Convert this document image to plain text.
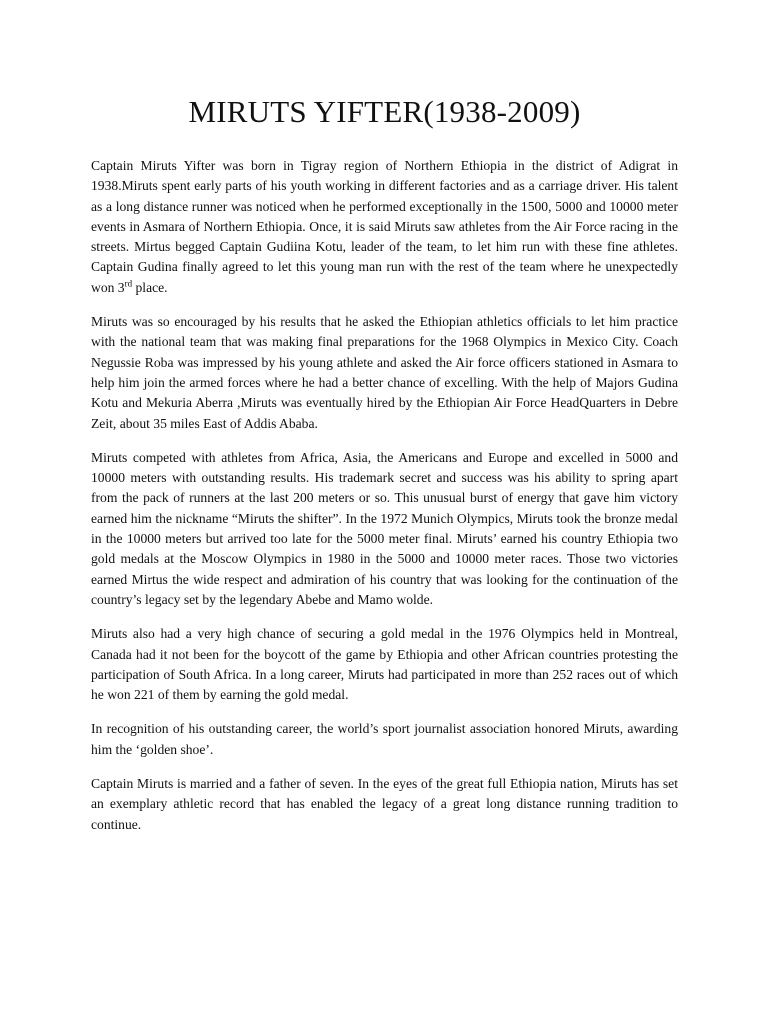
MIRUTS YIFTER(1938-2009)

Captain Miruts Yifter was born in Tigray region of Northern Ethiopia in the district of Adigrat in 1938.Miruts spent early parts of his youth working in different factories and as a carriage driver. His talent as a long distance runner was noticed when he performed exceptionally in the 1500, 5000 and 10000 meter events in Asmara of Northern Ethiopia. Once, it is said Miruts saw athletes from the Air Force racing in the streets. Mirtus begged Captain Gudiina Kotu, leader of the team, to let him run with these fine athletes. Captain Gudina finally agreed to let this young man run with the rest of the team where he unexpectedly won 3rd place.

Miruts was so encouraged by his results that he asked the Ethiopian athletics officials to let him practice with the national team that was making final preparations for the 1968 Olympics in Mexico City. Coach Negussie Roba was impressed by his young athlete and asked the Air force officers stationed in Asmara to help him join the armed forces where he had a better chance of excelling. With the help of Majors Gudina Kotu and Mekuria Aberra ,Miruts was eventually hired by the Ethiopian Air Force HeadQuarters in Debre Zeit, about 35 miles East of Addis Ababa.

Miruts competed with athletes from Africa, Asia, the Americans and Europe and excelled in 5000 and 10000 meters with outstanding results. His trademark secret and success was his ability to spring apart from the pack of runners at the last 200 meters or so. This unusual burst of energy that gave him victory earned him the nickname “Miruts the shifter”. In the 1972 Munich Olympics, Miruts took the bronze medal in the 10000 meters but arrived too late for the 5000 meter final. Miruts’ earned his country Ethiopia two gold medals at the Moscow Olympics in 1980 in the 5000 and 10000 meter races. Those two victories earned Mirtus the wide respect and admiration of his country that was looking for the continuation of the country’s legacy set by the legendary Abebe and Mamo wolde.

Miruts also had a very high chance of securing a gold medal in the 1976 Olympics held in Montreal, Canada had it not been for the boycott of the game by Ethiopia and other African countries protesting the participation of South Africa. In a long career, Miruts had participated in more than 252 races out of which he won 221 of them by earning the gold medal.

In recognition of his outstanding career, the world’s sport journalist association honored Miruts, awarding him the ‘golden shoe’.

Captain Miruts is married and a father of seven. In the eyes of the great full Ethiopia nation, Miruts has set an exemplary athletic record that has enabled the legacy of a great long distance running tradition to continue.
